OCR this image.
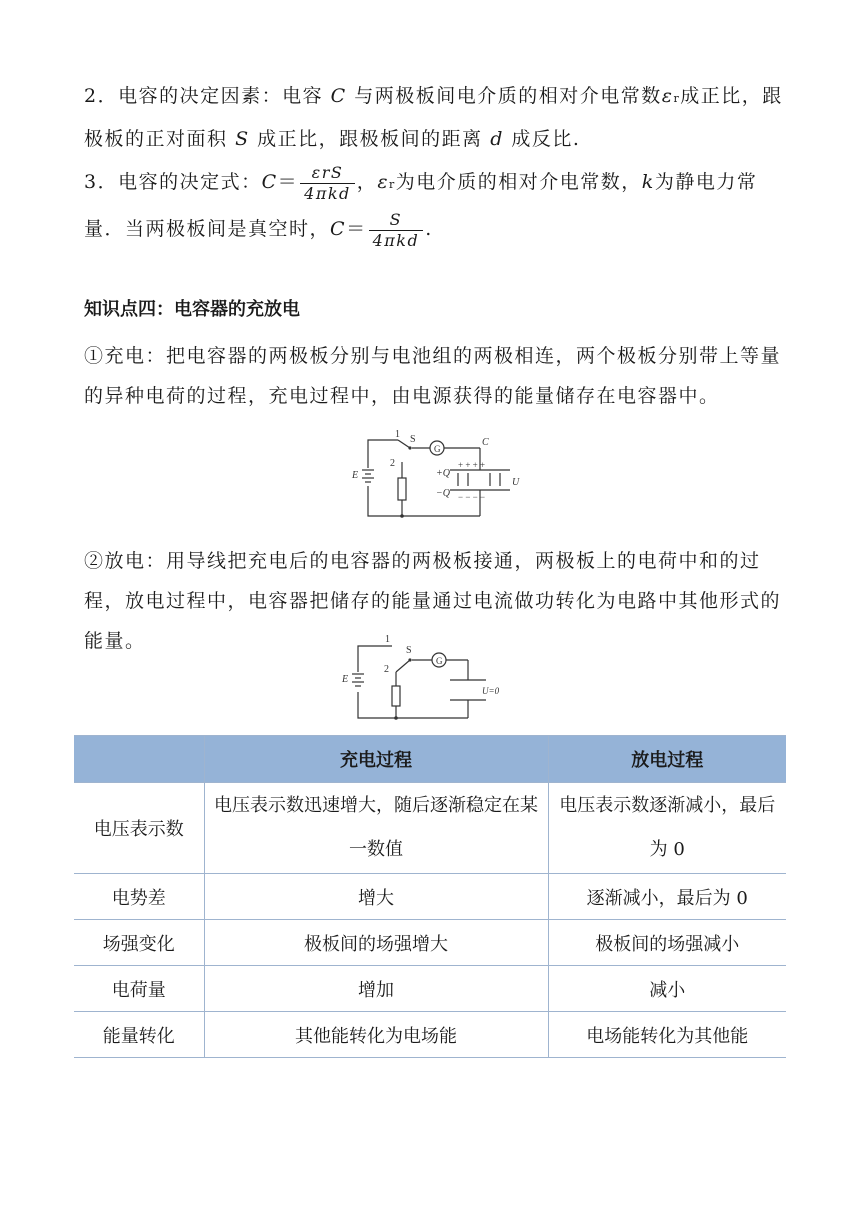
2．电容的决定因素：电容 C 与两极板间电介质的相对介电常数εr成正比，跟极板的正对面积 S 成正比，跟极板间的距离 d 成反比.

3．电容的决定式：$C= \frac{\text{εrS}}{\text{4πkd}}$ ，εr为电介质的相对介电常数，k为静电力常量．当两极板间是真空时，$C= \frac{S}{\text{4πkd}}$ .

知识点四：电容器的充放电

①充电：把电容器的两极板分别与电池组的两极相连，两个极板分别带上等量的异种电荷的过程，充电过程中，由电源获得的能量储存在电容器中。

1 S
G
C
E
2
+Q
−Q
U
+ + + +
− − − −

②放电：用导线把充电后的电容器的两极板接通，两极板上的电荷中和的过程，放电过程中，电容器把储存的能量通过电流做功转化为电路中其他形式的能量。	1
S
G
E
2
U=0
	充电过程	放电过程
电压表示数	电压表示数迅速增大，随后逐渐稳定在某一数值	电压表示数逐渐减小，最后为 0
电势差	增大	逐渐减小，最后为 0
场强变化	极板间的场强增大	极板间的场强减小
电荷量	增加	减小
能量转化	其他能转化为电场能	电场能转化为其他能
